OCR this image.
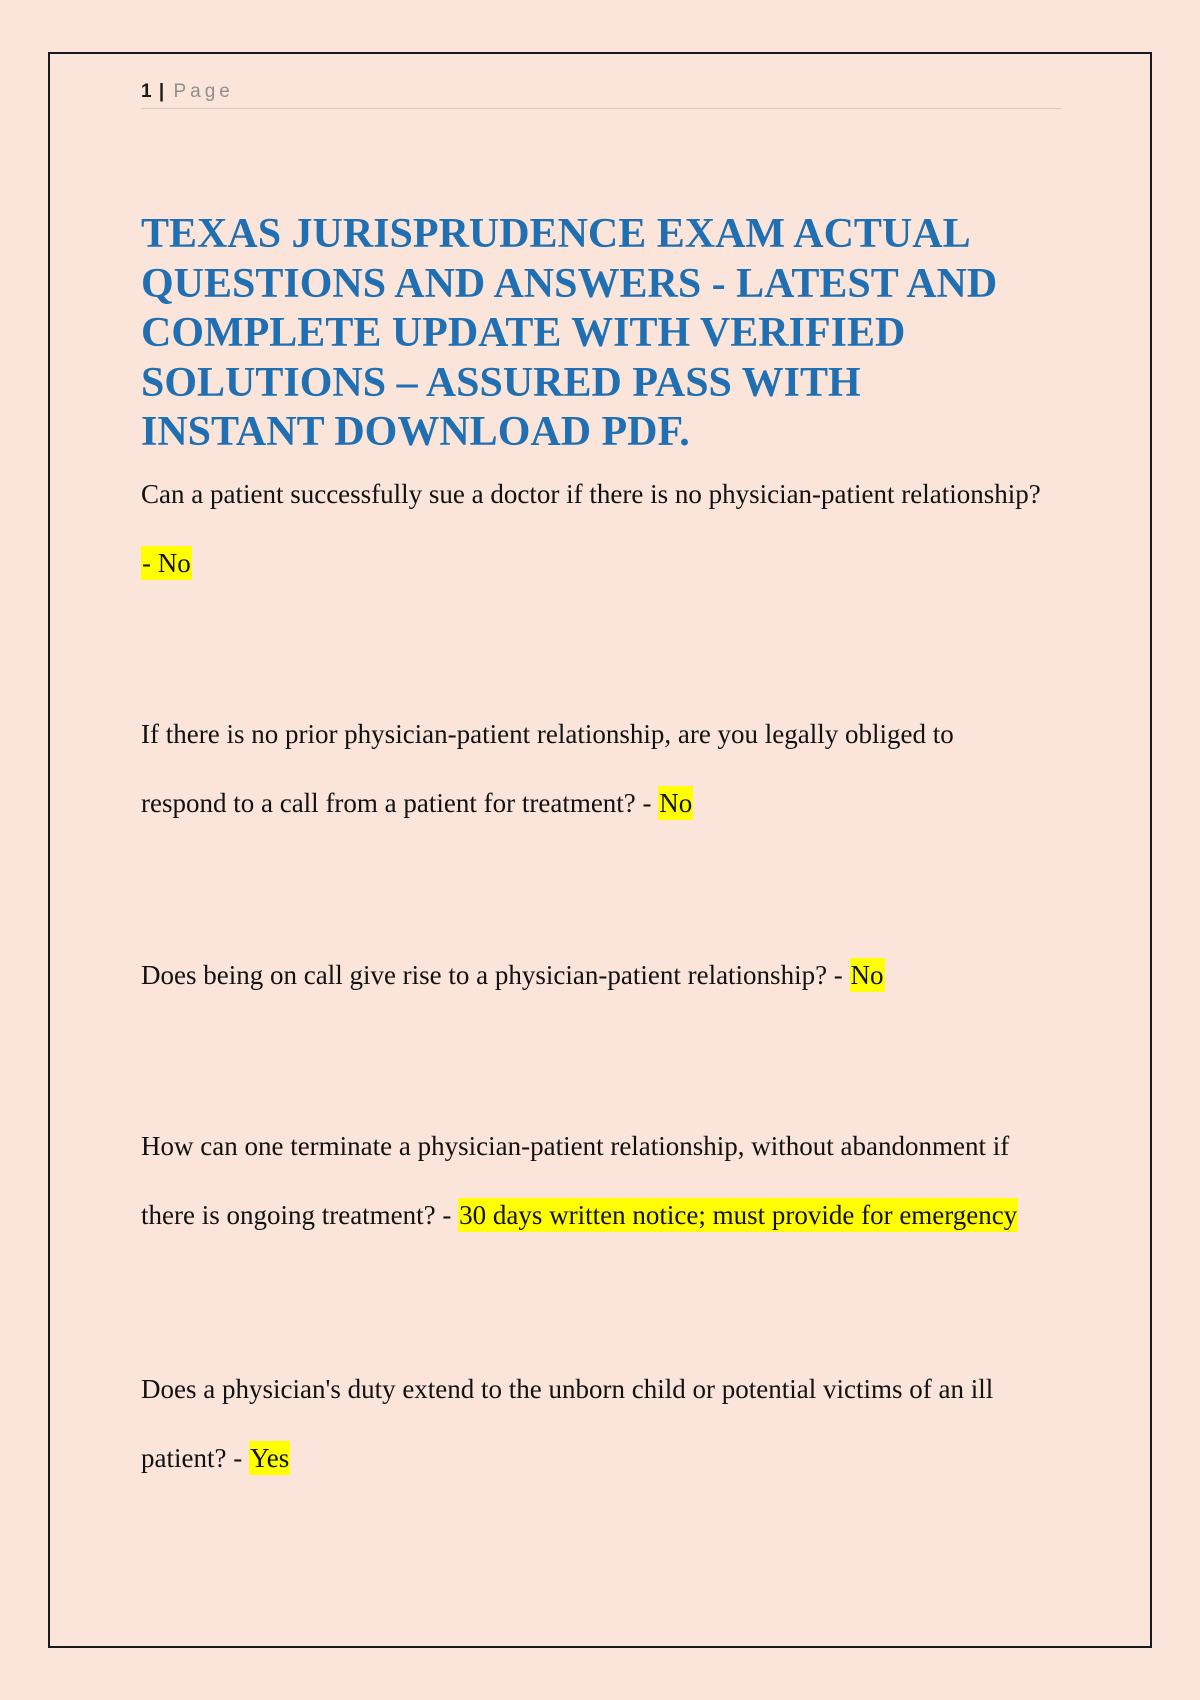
1 | Page
TEXAS JURISPRUDENCE EXAM ACTUAL QUESTIONS AND ANSWERS - LATEST AND COMPLETE UPDATE WITH VERIFIED SOLUTIONS – ASSURED PASS WITH INSTANT DOWNLOAD PDF.
Can a patient successfully sue a doctor if there is no physician-patient relationship?
- No
If there is no prior physician-patient relationship, are you legally obliged to
respond to a call from a patient for treatment? - No
Does being on call give rise to a physician-patient relationship? - No
How can one terminate a physician-patient relationship, without abandonment if
there is ongoing treatment? - 30 days written notice; must provide for emergency
Does a physician's duty extend to the unborn child or potential victims of an ill
patient? - Yes
